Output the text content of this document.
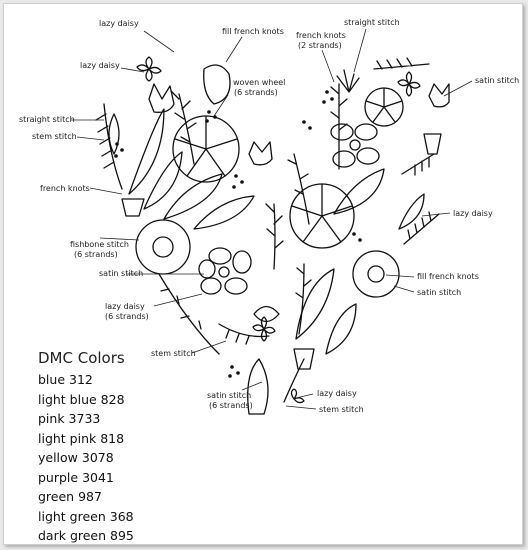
lazy daisy
fill french knots french knots
(2 strands)
straight stitch
lazy daisy
woven wheel
(6 strands)
satin stitch
straight stitch
stem stitch
french knots
lazy daisy
fishbone stitch
(6 strands)
satin stitch	fill french knots
satin stitch
lazy daisy
(6 strands)
stem stitch
lazy daisy
satin stitch
(6 strands)	stem stitch
DMC Colors
blue 312
light blue 828
pink 3733
light pink 818
yellow 3078
purple 3041
green 987
light green 368
dark green 895
